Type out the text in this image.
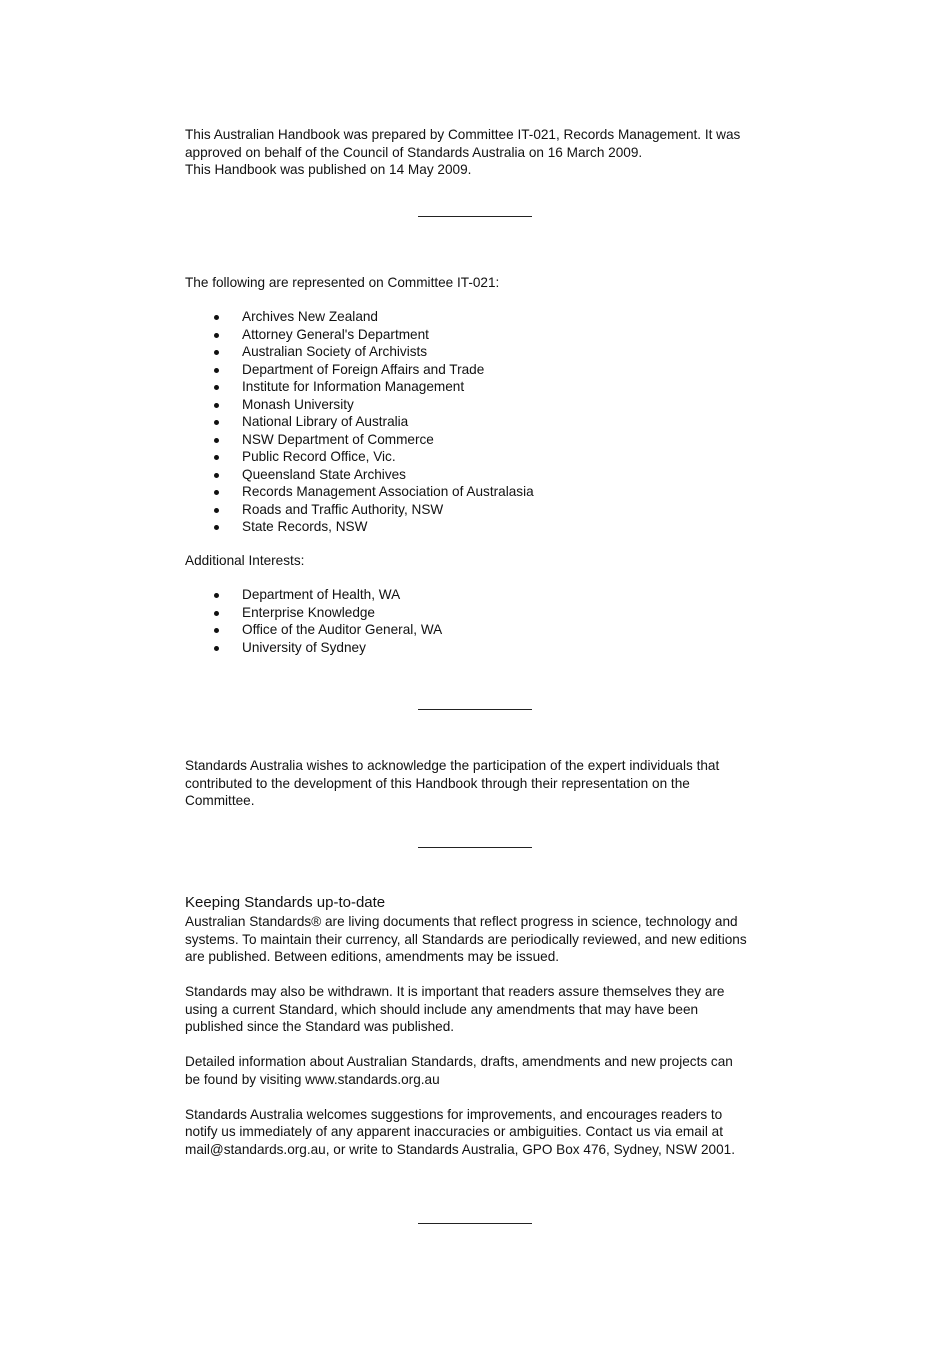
This Australian Handbook was prepared by Committee IT-021, Records Management. It was

approved on behalf of the Council of Standards Australia on 16 March 2009.

This Handbook was published on 14 May 2009.

The following are represented on Committee IT-021:

Archives New Zealand
Attorney General's Department
Australian Society of Archivists
Department of Foreign Affairs and Trade
Institute for Information Management
Monash University
National Library of Australia
NSW Department of Commerce
Public Record Office, Vic.
Queensland State Archives
Records Management Association of Australasia
Roads and Traffic Authority, NSW
State Records, NSW

Additional Interests:

Department of Health, WA
Enterprise Knowledge
Office of the Auditor General, WA
University of Sydney

Standards Australia wishes to acknowledge the participation of the expert individuals that

contributed to the development of this Handbook through their representation on the

Committee.

Keeping Standards up-to-date

Australian Standards® are living documents that reflect progress in science, technology and

systems. To maintain their currency, all Standards are periodically reviewed, and new editions

are published. Between editions, amendments may be issued.

Standards may also be withdrawn. It is important that readers assure themselves they are

using a current Standard, which should include any amendments that may have been

published since the Standard was published.

Detailed information about Australian Standards, drafts, amendments and new projects can

be found by visiting www.standards.org.au

Standards Australia welcomes suggestions for improvements, and encourages readers to

notify us immediately of any apparent inaccuracies or ambiguities. Contact us via email at

mail@standards.org.au, or write to Standards Australia, GPO Box 476, Sydney, NSW 2001.
